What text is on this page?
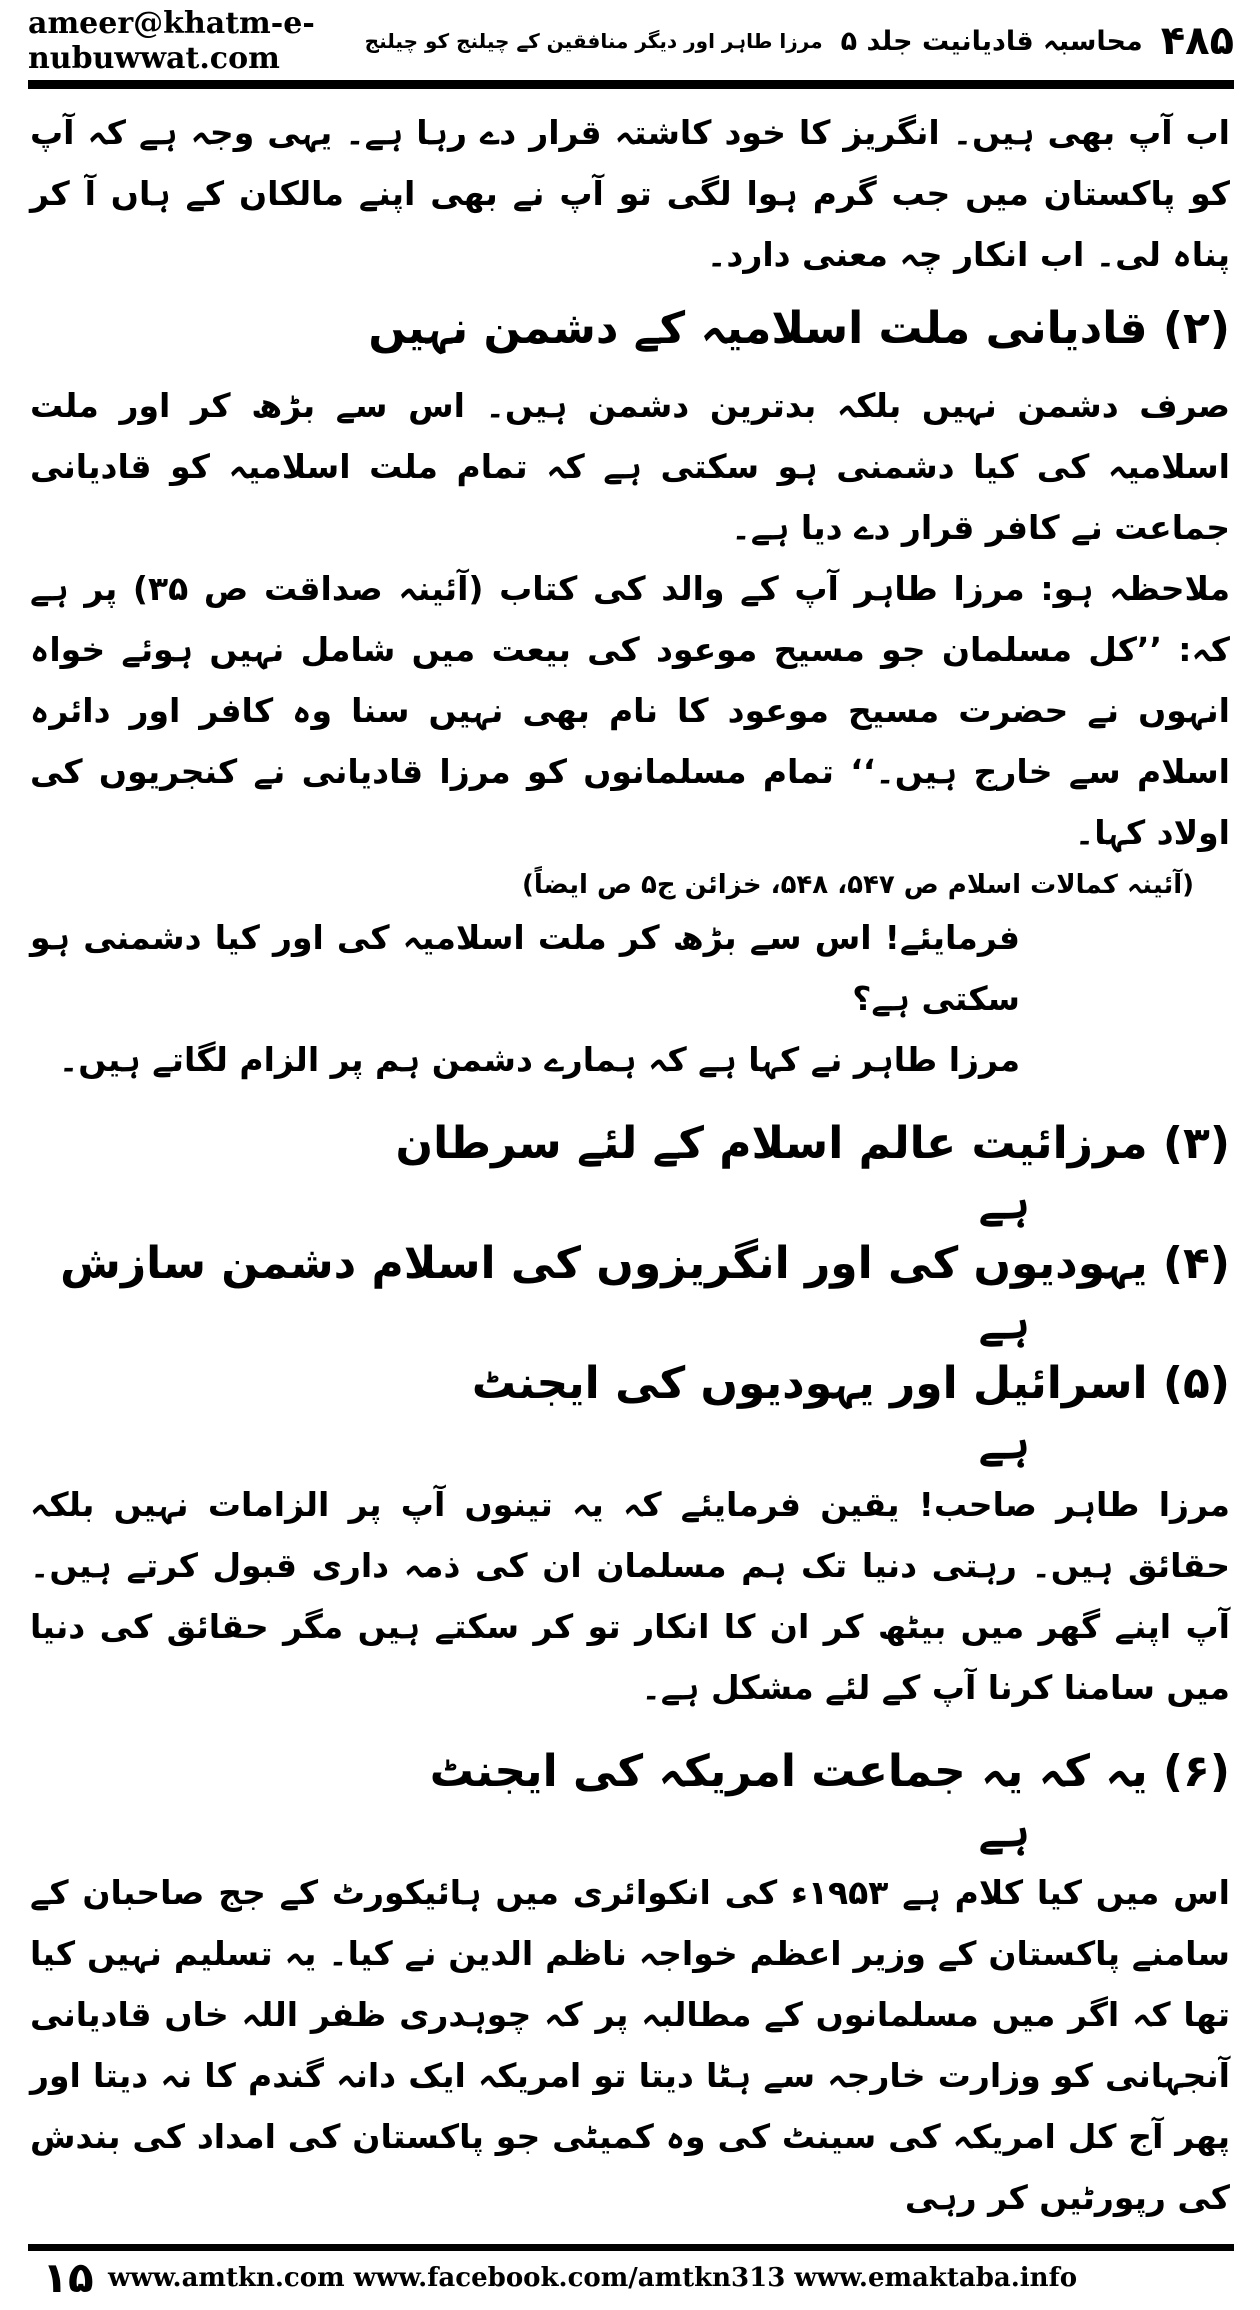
ameer@khatm-e-nubuwwat.com	۴۸۵
محاسبہ قادیانیت جلد ۵
مرزا طاہر اور دیگر منافقین کے چیلنج کو چیلنج

اب آپ بھی ہیں۔ انگریز کا خود کاشتہ قرار دے رہا ہے۔ یہی وجہ ہے کہ آپ کو پاکستان میں جب گرم ہوا لگی تو آپ نے بھی اپنے مالکان کے ہاں آ کر پناہ لی۔ اب انکار چہ معنی دارد۔

(۲) قادیانی ملت اسلامیہ کے دشمن نہیں

صرف دشمن نہیں بلکہ بدترین دشمن ہیں۔ اس سے بڑھ کر اور ملت اسلامیہ کی کیا دشمنی ہو سکتی ہے کہ تمام ملت اسلامیہ کو قادیانی جماعت نے کافر قرار دے دیا ہے۔

ملاحظہ ہو: مرزا طاہر آپ کے والد کی کتاب (آئینہ صداقت ص ۳۵) پر ہے کہ: ’’کل مسلمان جو مسیح موعود کی بیعت میں شامل نہیں ہوئے خواہ انہوں نے حضرت مسیح موعود کا نام بھی نہیں سنا وہ کافر اور دائرہ اسلام سے خارج ہیں۔‘‘ تمام مسلمانوں کو مرزا قادیانی نے کنجریوں کی اولاد کہا۔

(آئینہ کمالات اسلام ص ۵۴۷، ۵۴۸، خزائن ج۵ ص ایضاً)

فرمایئے! اس سے بڑھ کر ملت اسلامیہ کی اور کیا دشمنی ہو سکتی ہے؟

مرزا طاہر نے کہا ہے کہ ہمارے دشمن ہم پر الزام لگاتے ہیں۔

(۳) مرزائیت عالم اسلام کے لئے سرطان
ہے
(۴) یہودیوں کی اور انگریزوں کی اسلام دشمن سازش
ہے
(۵) اسرائیل اور یہودیوں کی ایجنٹ
ہے

مرزا طاہر صاحب! یقین فرمایئے کہ یہ تینوں آپ پر الزامات نہیں بلکہ حقائق ہیں۔ رہتی دنیا تک ہم مسلمان ان کی ذمہ داری قبول کرتے ہیں۔ آپ اپنے گھر میں بیٹھ کر ان کا انکار تو کر سکتے ہیں مگر حقائق کی دنیا میں سامنا کرنا آپ کے لئے مشکل ہے۔

(۶) یہ کہ یہ جماعت امریکہ کی ایجنٹ
ہے

اس میں کیا کلام ہے ۱۹۵۳ء کی انکوائری میں ہائیکورٹ کے جج صاحبان کے سامنے پاکستان کے وزیر اعظم خواجہ ناظم الدین نے کیا۔ یہ تسلیم نہیں کیا تھا کہ اگر میں مسلمانوں کے مطالبہ پر کہ چوہدری ظفر اللہ خاں قادیانی آنجہانی کو وزارت خارجہ سے ہٹا دیتا تو امریکہ ایک دانہ گندم کا نہ دیتا اور پھر آج کل امریکہ کی سینٹ کی وہ کمیٹی جو پاکستان کی امداد کی بندش کی رپورٹیں کر رہی

۱۵ www.amtkn.com www.facebook.com/amtkn313 www.emaktaba.info
